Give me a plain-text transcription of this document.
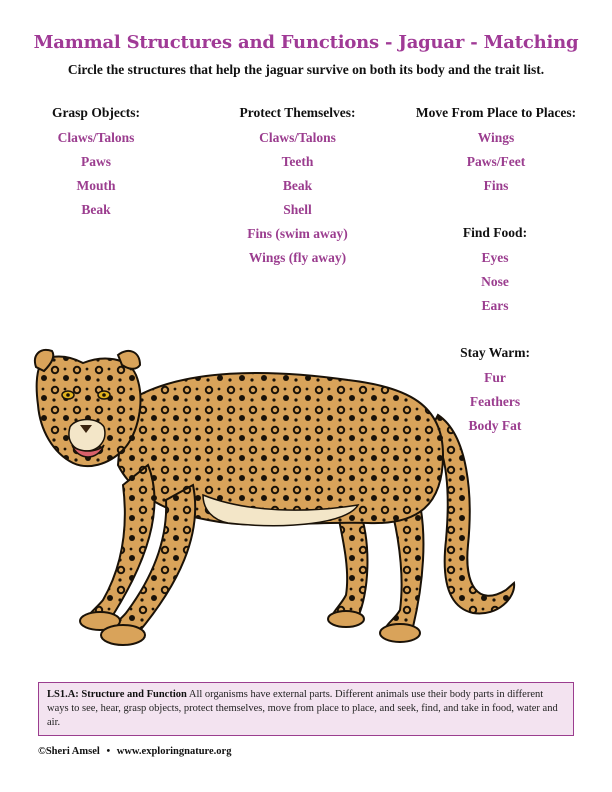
Mammal Structures and Functions - Jaguar - Matching
Circle the structures that help the jaguar survive on both its body and the trait list.
Grasp Objects:
Claws/Talons
Paws
Mouth
Beak
Protect Themselves:
Claws/Talons
Teeth
Beak
Shell
Fins (swim away)
Wings (fly away)
Move From Place to Places:
Wings
Paws/Feet
Fins
Find Food:
Eyes
Nose
Ears
Stay Warm:
Fur
Feathers
Body Fat
LS1.A: Structure and Function All organisms have external parts. Different animals use their body parts in different ways to see, hear, grasp objects, protect themselves, move from place to place, and seek, find, and take in food, water and air.
©Sheri Amsel • www.exploringnature.org
